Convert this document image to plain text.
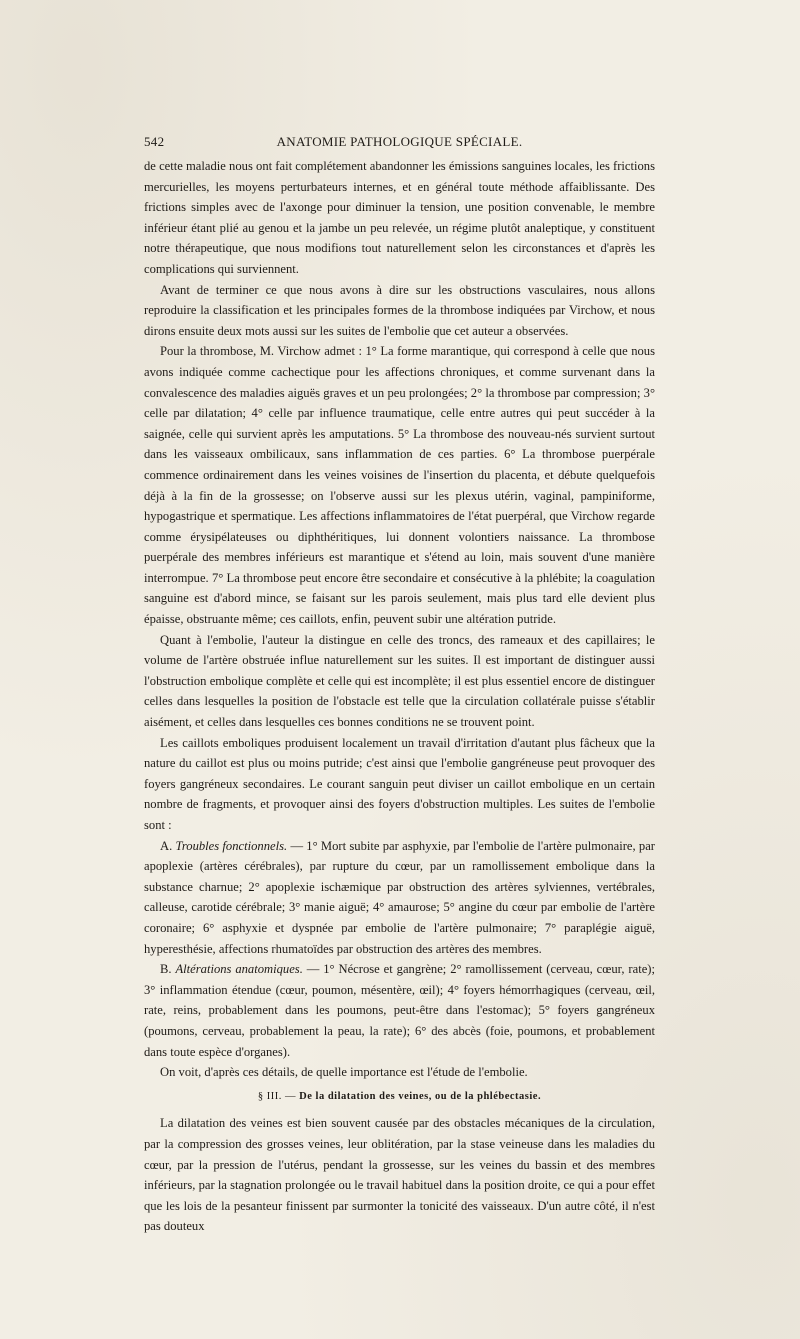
542	ANATOMIE PATHOLOGIQUE SPÉCIALE.

de cette maladie nous ont fait complétement abandonner les émissions sanguines locales, les frictions mercurielles, les moyens perturbateurs internes, et en général toute méthode affaiblissante. Des frictions simples avec de l'axonge pour diminuer la tension, une position convenable, le membre inférieur étant plié au genou et la jambe un peu relevée, un régime plutôt analeptique, y constituent notre thérapeutique, que nous modifions tout naturellement selon les circonstances et d'après les complications qui surviennent.

Avant de terminer ce que nous avons à dire sur les obstructions vasculaires, nous allons reproduire la classification et les principales formes de la thrombose indiquées par Virchow, et nous dirons ensuite deux mots aussi sur les suites de l'embolie que cet auteur a observées.

Pour la thrombose, M. Virchow admet : 1° La forme marantique, qui correspond à celle que nous avons indiquée comme cachectique pour les affections chroniques, et comme survenant dans la convalescence des maladies aiguës graves et un peu prolongées; 2° la thrombose par compression; 3° celle par dilatation; 4° celle par influence traumatique, celle entre autres qui peut succéder à la saignée, celle qui survient après les amputations. 5° La thrombose des nouveau-nés survient surtout dans les vaisseaux ombilicaux, sans inflammation de ces parties. 6° La thrombose puerpérale commence ordinairement dans les veines voisines de l'insertion du placenta, et débute quelquefois déjà à la fin de la grossesse; on l'observe aussi sur les plexus utérin, vaginal, pampiniforme, hypogastrique et spermatique. Les affections inflammatoires de l'état puerpéral, que Virchow regarde comme érysipélateuses ou diphthéritiques, lui donnent volontiers naissance. La thrombose puerpérale des membres inférieurs est marantique et s'étend au loin, mais souvent d'une manière interrompue. 7° La thrombose peut encore être secondaire et consécutive à la phlébite; la coagulation sanguine est d'abord mince, se faisant sur les parois seulement, mais plus tard elle devient plus épaisse, obstruante même; ces caillots, enfin, peuvent subir une altération putride.

Quant à l'embolie, l'auteur la distingue en celle des troncs, des rameaux et des capillaires; le volume de l'artère obstruée influe naturellement sur les suites. Il est important de distinguer aussi l'obstruction embolique complète et celle qui est incomplète; il est plus essentiel encore de distinguer celles dans lesquelles la position de l'obstacle est telle que la circulation collatérale puisse s'établir aisément, et celles dans lesquelles ces bonnes conditions ne se trouvent point.

Les caillots emboliques produisent localement un travail d'irritation d'autant plus fâcheux que la nature du caillot est plus ou moins putride; c'est ainsi que l'embolie gangréneuse peut provoquer des foyers gangréneux secondaires. Le courant sanguin peut diviser un caillot embolique en un certain nombre de fragments, et provoquer ainsi des foyers d'obstruction multiples. Les suites de l'embolie sont :

A. Troubles fonctionnels. — 1° Mort subite par asphyxie, par l'embolie de l'artère pulmonaire, par apoplexie (artères cérébrales), par rupture du cœur, par un ramollissement embolique dans la substance charnue; 2° apoplexie ischæmique par obstruction des artères sylviennes, vertébrales, calleuse, carotide cérébrale; 3° manie aiguë; 4° amaurose; 5° angine du cœur par embolie de l'artère coronaire; 6° asphyxie et dyspnée par embolie de l'artère pulmonaire; 7° paraplégie aiguë, hyperesthésie, affections rhumatoïdes par obstruction des artères des membres.

B. Altérations anatomiques. — 1° Nécrose et gangrène; 2° ramollissement (cerveau, cœur, rate); 3° inflammation étendue (cœur, poumon, mésentère, œil); 4° foyers hémorrhagiques (cerveau, œil, rate, reins, probablement dans les poumons, peut-être dans l'estomac); 5° foyers gangréneux (poumons, cerveau, probablement la peau, la rate); 6° des abcès (foie, poumons, et probablement dans toute espèce d'organes).

On voit, d'après ces détails, de quelle importance est l'étude de l'embolie.

§ III. — De la dilatation des veines, ou de la phlébectasie.

La dilatation des veines est bien souvent causée par des obstacles mécaniques de la circulation, par la compression des grosses veines, leur oblitération, par la stase veineuse dans les maladies du cœur, par la pression de l'utérus, pendant la grossesse, sur les veines du bassin et des membres inférieurs, par la stagnation prolongée ou le travail habituel dans la position droite, ce qui a pour effet que les lois de la pesanteur finissent par surmonter la tonicité des vaisseaux. D'un autre côté, il n'est pas douteux
